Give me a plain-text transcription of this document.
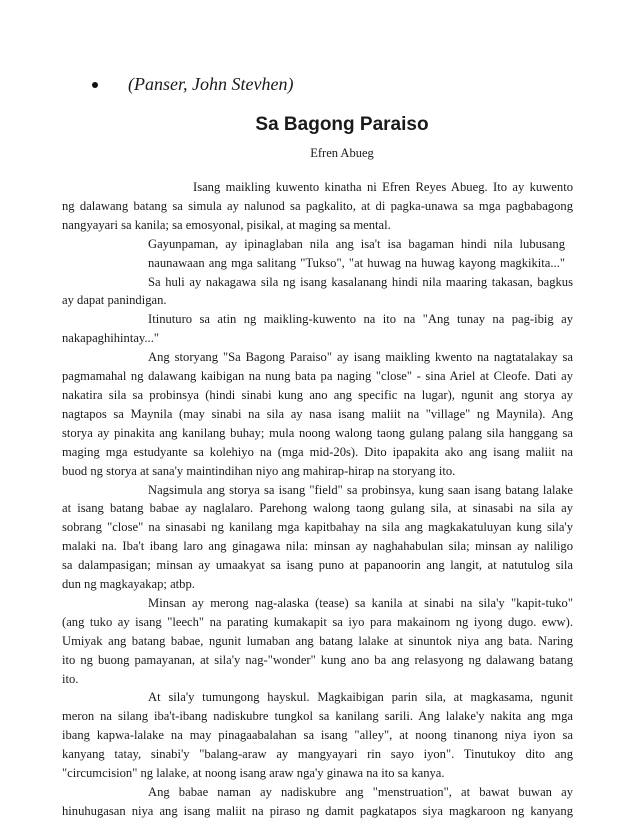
(Panser, John Stevhen)
Sa Bagong Paraiso
Efren Abueg
Isang maikling kuwento kinatha ni Efren Reyes Abueg. Ito ay kuwento
ng dalawang batang sa simula ay nalunod sa pagkalito, at di pagka-unawa sa mga pagbabagong
nangyayari sa kanila; sa emosyonal, pisikal, at maging sa mental.
Gayunpaman, ay ipinaglaban nila ang isa't isa bagaman hindi nila lubusang
naunawaan ang mga salitang "Tukso", "at huwag na huwag kayong magkikita..."
Sa huli ay nakagawa sila ng isang kasalanang hindi nila maaring takasan, bagkus
ay dapat panindigan.
Itinuturo sa atin ng maikling-kuwento na ito na "Ang tunay na pag-ibig ay
nakapaghihintay..."
Ang storyang "Sa Bagong Paraiso" ay isang maikling kwento na nagtatalakay sa
pagmamahal ng dalawang kaibigan na nung bata pa naging "close" - sina Ariel at Cleofe. Dati ay
nakatira sila sa probinsya (hindi sinabi kung ano ang specific na lugar), ngunit ang storya ay
nagtapos sa Maynila (may sinabi na sila ay nasa isang maliit na "village" ng Maynila). Ang
storya ay pinakita ang kanilang buhay; mula noong walong taong gulang palang sila hanggang sa
maging mga estudyante sa kolehiyo na (mga mid-20s). Dito ipapakita ako ang isang maliit na
buod ng storya at sana'y maintindihan niyo ang mahirap-hirap na storyang ito.
Nagsimula ang storya sa isang "field" sa probinsya, kung saan isang batang lalake
at isang batang babae ay naglalaro. Parehong walong taong gulang sila, at sinasabi na sila ay
sobrang "close" na sinasabi ng kanilang mga kapitbahay na sila ang magkakatuluyan kung sila'y
malaki na. Iba't ibang laro ang ginagawa nila: minsan ay naghahabulan sila; minsan ay naliligo
sa dalampasigan; minsan ay umaakyat sa isang puno at papanoorin ang langit, at natutulog sila
dun ng magkayakap; atbp.
Minsan ay merong nag-alaska (tease) sa kanila at sinabi na sila'y "kapit-tuko"
(ang tuko ay isang "leech" na parating kumakapit sa iyo para makainom ng iyong dugo. eww).
Umiyak ang batang babae, ngunit lumaban ang batang lalake at sinuntok niya ang bata. Naring
ito ng buong pamayanan, at sila'y nag-"wonder" kung ano ba ang relasyong ng dalawang batang
ito.
At sila'y tumungong hayskul. Magkaibigan parin sila, at magkasama, ngunit
meron na silang iba't-ibang nadiskubre tungkol sa kanilang sarili. Ang lalake'y nakita ang mga
ibang kapwa-lalake na may pinagaabalahan sa isang "alley", at noong tinanong niya iyon sa
kanyang tatay, sinabi'y "balang-araw ay mangyayari rin sayo iyon". Tinutukoy dito ang
"circumcision" ng lalake, at noong isang araw nga'y ginawa na ito sa kanya.
Ang babae naman ay nadiskubre ang "menstruation", at bawat buwan ay
hinuhugasan niya ang isang maliit na piraso ng damit pagkatapos siya magkaroon ng kanyang
